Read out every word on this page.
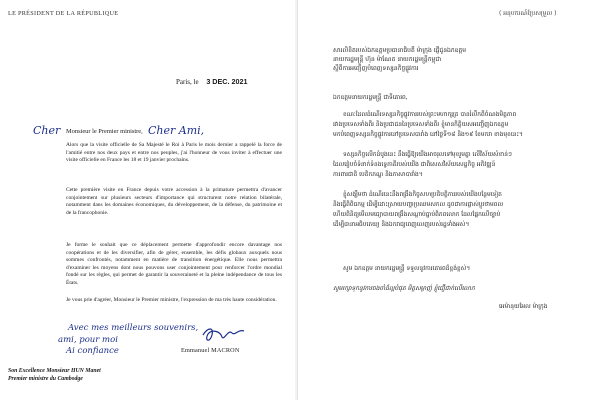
LE PRÉSIDENT DE LA RÉPUBLIQUE
Paris, le 3 DEC. 2021
Cher	Cher Ami,
Monsieur le Premier ministre,

Alors que la visite officielle de Sa Majesté le Roi à Paris le mois dernier a rappelé la force de l'amitié entre nos deux pays et entre nos peuples, j'ai l'honneur de vous inviter à effectuer une visite officielle en France les 18 et 19 janvier prochains.

Cette première visite en France depuis votre accession à la primature permettra d'avancer conjointement sur plusieurs secteurs d'importance qui structurent notre relation bilatérale, notamment dans les domaines économiques, du développement, de la défense, du patrimoine et de la francophonie.

Je forme le souhait que ce déplacement permette d'approfondir encore davantage nos coopérations et de les diversifier, afin de gérer, ensemble, les défis globaux auxquels nous sommes confrontés, notamment en matière de transition énergétique. Elle nous permettra d'examiner les moyens dont nous pouvons user conjointement pour renforcer l'ordre mondial fondé sur les règles, qui permet de garantir la souveraineté et la pleine indépendance de tous les États.

Je vous prie d'agréer, Monsieur le Premier ministre, l'expression de ma très haute considération.

Avec mes meilleurs souvenirs,
ami, pour moi
Ai confiance	Emmanuel MACRON
Son Excellence Monsieur HUN Manet
Premier ministre du Cambodge
( អនុបករណ៍ប្រែសម្រួល )
សារលិខិតរបស់ឯកឧត្តមប្រធានាធិបតី ម៉ាក្រុង ផ្ញើជូនឯកឧត្តម
នាយករដ្ឋមន្ត្រី ហ៊ុន ម៉ាណែត នាយករដ្ឋមន្ត្រីកម្ពុជា
ស្ដីពីការអញ្ជើញបំពេញទស្សនកិច្ចផ្លូវការ
ឯកឧត្តមនាយករដ្ឋមន្ត្រី ជាទីគោរព,
ខណៈដែលដំណើរទស្សនកិច្ចផ្លូវការរបស់ព្រះមហាក្សត្រ បានរំលឹកពីចំណងមិត្តភាព
រវាងប្រទេសទាំងពីរ និងប្រជាជននៃប្រទេសទាំងពីរ ខ្ញុំមានកិត្តិយសអញ្ជើញឯកឧត្តម
មកបំពេញទស្សនកិច្ចផ្លូវការនៅប្រទេសបារាំង នៅថ្ងៃទី១៨ និង១៩ ខែមករា ខាងមុខនេះ។
ទស្សនកិច្ចលើកដំបូងនេះ នឹងធ្វើឱ្យយើងអាចរុលទៅមុខរួមគ្នា លើវិស័យសំខាន់ៗ
ដែលរៀបចំទំនាក់ទំនងទ្វេភាគីរបស់យើង ជាពិសេសវិស័យសេដ្ឋកិច្ច អភិវឌ្ឍន៍
ការពារជាតិ បេតិកភណ្ឌ និងភាសាបារាំង។
ខ្ញុំសង្ឃឹមថា ដំណើរនេះនឹងពង្រឹងកិច្ចសហប្រតិបត្តិការរបស់យើងបន្ថែមទៀត
និងធ្វើពិពិធកម្ម ដើម្បីដោះស្រាយបញ្ហាប្រឈមសកល ដូចជាការផ្លាស់ប្ដូរថាមពល
ហើយពិនិត្យមើលមធ្យោបាយពង្រឹងសណ្ដាប់ធ្នាប់ពិភពលោក ដែលផ្អែកលើច្បាប់
ដើម្បីធានាអធិបតេយ្យ និងឯករាជ្យពេញលេញរបស់រដ្ឋទាំងអស់។
សូម ឯកឧត្តម នាយករដ្ឋមន្ត្រី ទទួលនូវការគោរពដ៏ខ្ពង់ខ្ពស់។
សូមរក្សាទុកនូវការចងចាំដ៏ល្អបំផុត មិត្តសម្លាញ់ ខ្ញុំជឿជាក់លើលោក
អេម៉ានុយអែល ម៉ាក្រុង
